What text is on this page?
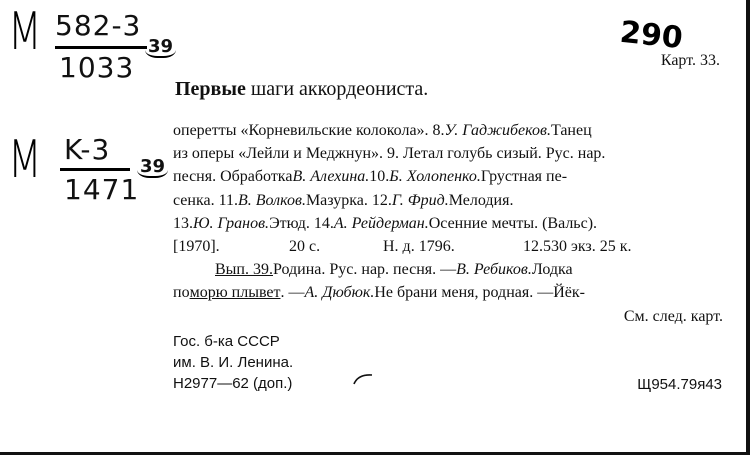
M 582-3
1033
39
M K-3
1471
39
290
Карт. 33.
Первые шаги аккордеониста.
оперетты «Корневильские колокола». 8. У. Гаджибеков. Танец
из оперы «Лейли и Меджнун». 9. Летал голубь сизый. Рус. нар.
песня. Обработка В. Алехина. 10. Б. Холопенко. Грустная пе-
сенка. 11. В. Волков. Мазурка. 12. Г. Фрид. Мелодия.
13. Ю. Гранов. Этюд. 14. А. Рейдерман. Осенние мечты. (Вальс).
[1970].	20 с.	Н. д. 1796.	12.530 экз. 25 к.
Вып. 39. Родина. Рус. нар. песня. — В. Ребиков. Лодка
по морю плывет . — А. Дюбюк. Не брани меня, родная. —Йёк-
См. след. карт.
Гос. б-ка СССР
им. В. И. Ленина.
Н2977—62 (доп.)	Щ954.79я43
